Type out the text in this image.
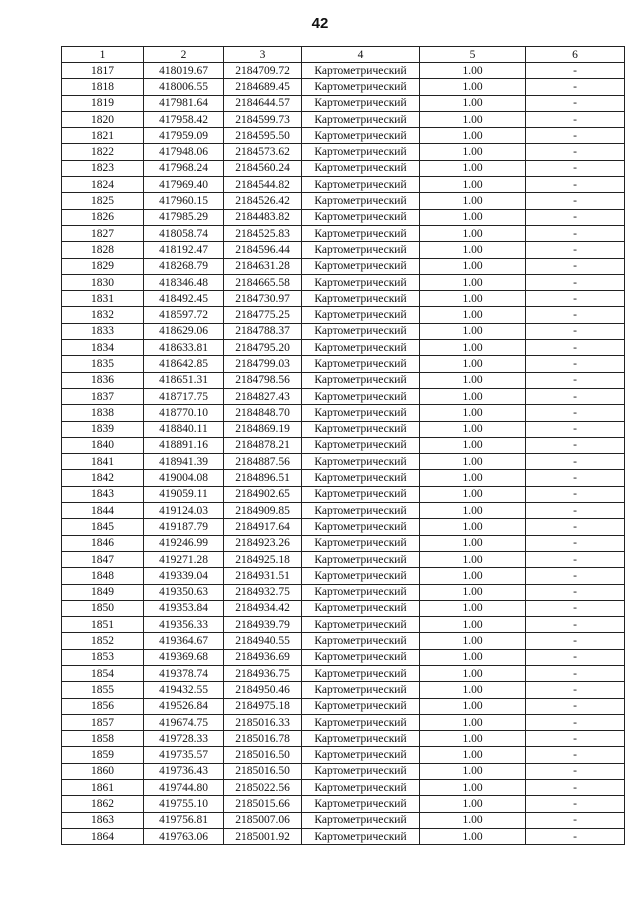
42
1	2	3	4	5	6
1817	418019.67	2184709.72	Картометрический	1.00	-
1818	418006.55	2184689.45	Картометрический	1.00	-
1819	417981.64	2184644.57	Картометрический	1.00	-
1820	417958.42	2184599.73	Картометрический	1.00	-
1821	417959.09	2184595.50	Картометрический	1.00	-
1822	417948.06	2184573.62	Картометрический	1.00	-
1823	417968.24	2184560.24	Картометрический	1.00	-
1824	417969.40	2184544.82	Картометрический	1.00	-
1825	417960.15	2184526.42	Картометрический	1.00	-
1826	417985.29	2184483.82	Картометрический	1.00	-
1827	418058.74	2184525.83	Картометрический	1.00	-
1828	418192.47	2184596.44	Картометрический	1.00	-
1829	418268.79	2184631.28	Картометрический	1.00	-
1830	418346.48	2184665.58	Картометрический	1.00	-
1831	418492.45	2184730.97	Картометрический	1.00	-
1832	418597.72	2184775.25	Картометрический	1.00	-
1833	418629.06	2184788.37	Картометрический	1.00	-
1834	418633.81	2184795.20	Картометрический	1.00	-
1835	418642.85	2184799.03	Картометрический	1.00	-
1836	418651.31	2184798.56	Картометрический	1.00	-
1837	418717.75	2184827.43	Картометрический	1.00	-
1838	418770.10	2184848.70	Картометрический	1.00	-
1839	418840.11	2184869.19	Картометрический	1.00	-
1840	418891.16	2184878.21	Картометрический	1.00	-
1841	418941.39	2184887.56	Картометрический	1.00	-
1842	419004.08	2184896.51	Картометрический	1.00	-
1843	419059.11	2184902.65	Картометрический	1.00	-
1844	419124.03	2184909.85	Картометрический	1.00	-
1845	419187.79	2184917.64	Картометрический	1.00	-
1846	419246.99	2184923.26	Картометрический	1.00	-
1847	419271.28	2184925.18	Картометрический	1.00	-
1848	419339.04	2184931.51	Картометрический	1.00	-
1849	419350.63	2184932.75	Картометрический	1.00	-
1850	419353.84	2184934.42	Картометрический	1.00	-
1851	419356.33	2184939.79	Картометрический	1.00	-
1852	419364.67	2184940.55	Картометрический	1.00	-
1853	419369.68	2184936.69	Картометрический	1.00	-
1854	419378.74	2184936.75	Картометрический	1.00	-
1855	419432.55	2184950.46	Картометрический	1.00	-
1856	419526.84	2184975.18	Картометрический	1.00	-
1857	419674.75	2185016.33	Картометрический	1.00	-
1858	419728.33	2185016.78	Картометрический	1.00	-
1859	419735.57	2185016.50	Картометрический	1.00	-
1860	419736.43	2185016.50	Картометрический	1.00	-
1861	419744.80	2185022.56	Картометрический	1.00	-
1862	419755.10	2185015.66	Картометрический	1.00	-
1863	419756.81	2185007.06	Картометрический	1.00	-
1864	419763.06	2185001.92	Картометрический	1.00	-
